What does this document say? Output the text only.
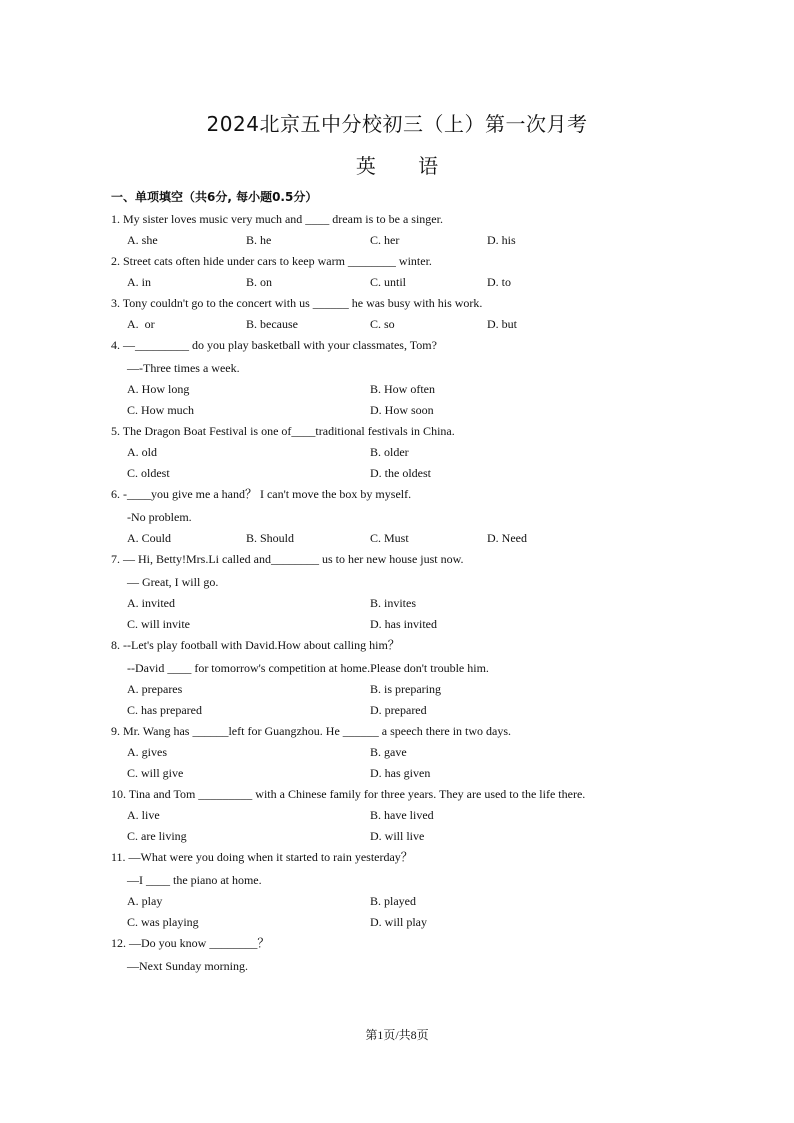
2024北京五中分校初三（上）第一次月考
英 语
一、单项填空（共6分, 每小题0.5分）
1. My sister loves music very much and ____ dream is to be a singer.
A. she	B. he	C. her	D. his
2. Street cats often hide under cars to keep warm ________ winter.
A. in	B. on	C. until	D. to
3. Tony couldn't go to the concert with us ______ he was busy with his work.
A.  or	B. because	C. so	D. but
4. —_________ do you play basketball with your classmates, Tom?
—-Three times a week.
A. How long	B. How often
C. How much	D. How soon
5. The Dragon Boat Festival is one of____traditional festivals in China.
A. old	B. older
C. oldest	D. the oldest
6. -____you give me a hand？ I can't move the box by myself.
-No problem.
A. Could	B. Should	C. Must	D. Need
7. — Hi, Betty!Mrs.Li called and________ us to her new house just now.
— Great, I will go.
A. invited	B. invites
C. will invite	D. has invited
8. --Let's play football with David.How about calling him？
--David ____ for tomorrow's competition at home.Please don't trouble him.
A. prepares	B. is preparing
C. has prepared	D. prepared
9. Mr. Wang has ______left for Guangzhou. He ______ a speech there in two days.
A. gives	B. gave
C. will give	D. has given
10. Tina and Tom _________ with a Chinese family for three years. They are used to the life there.
A. live	B. have lived
C. are living	D. will live
11. —What were you doing when it started to rain yesterday？
—I ____ the piano at home.
A. play	B. played
C. was playing	D. will play
12. —Do you know ________？
—Next Sunday morning.
第1页/共8页
